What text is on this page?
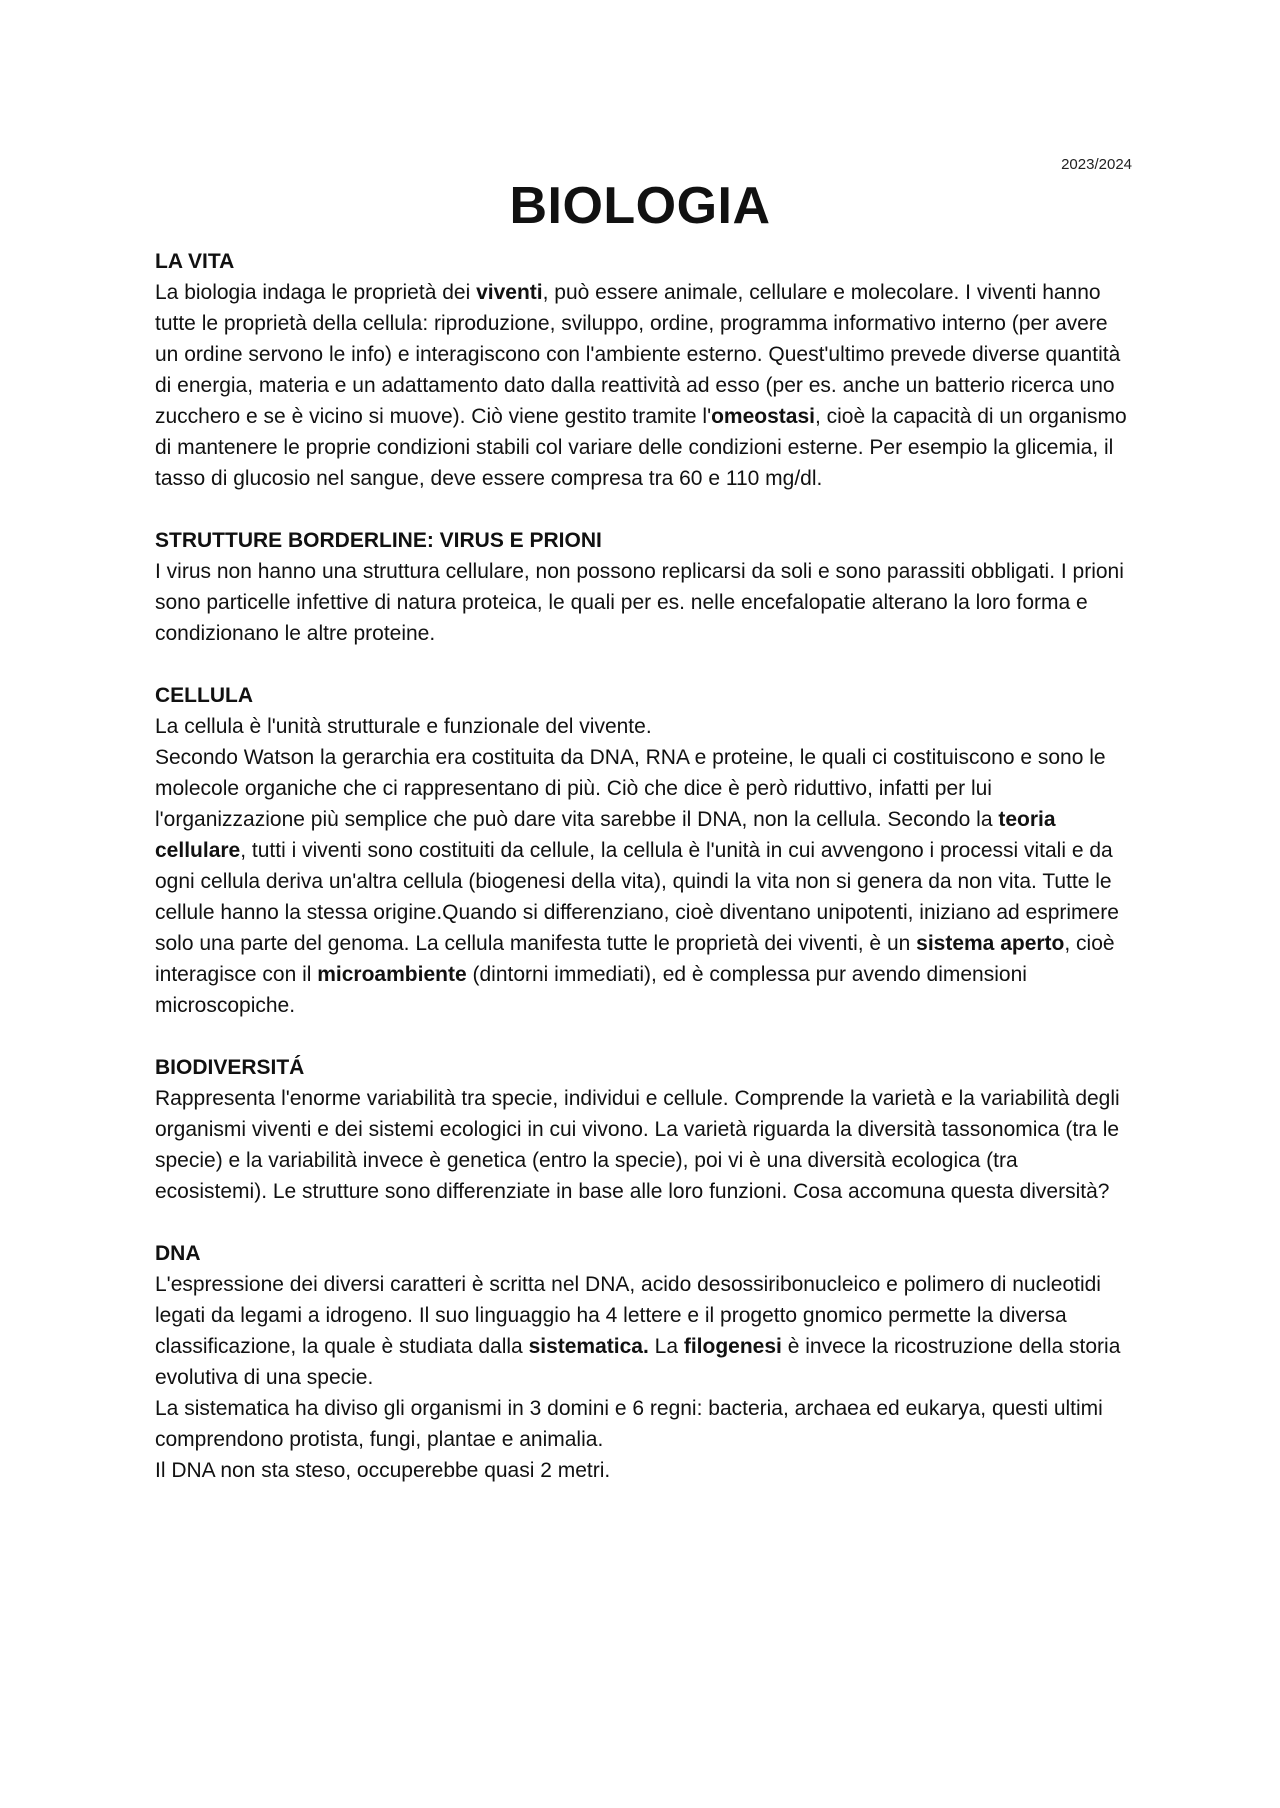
2023/2024
BIOLOGIA
LA VITA

La biologia indaga le proprietà dei viventi, può essere animale, cellulare e molecolare. I viventi hanno tutte le proprietà della cellula: riproduzione, sviluppo, ordine, programma informativo interno (per avere un ordine servono le info) e interagiscono con l'ambiente esterno. Quest'ultimo prevede diverse quantità di energia, materia e un adattamento dato dalla reattività ad esso (per es. anche un batterio ricerca uno zucchero e se è vicino si muove). Ciò viene gestito tramite l'omeostasi, cioè la capacità di un organismo di mantenere le proprie condizioni stabili col variare delle condizioni esterne. Per esempio la glicemia, il tasso di glucosio nel sangue, deve essere compresa tra 60 e 110 mg/dl.

STRUTTURE BORDERLINE: VIRUS E PRIONI

I virus non hanno una struttura cellulare, non possono replicarsi da soli e sono parassiti obbligati. I prioni sono particelle infettive di natura proteica, le quali per es. nelle encefalopatie alterano la loro forma e condizionano le altre proteine.

CELLULA

La cellula è l'unità strutturale e funzionale del vivente.

Secondo Watson la gerarchia era costituita da DNA, RNA e proteine, le quali ci costituiscono e sono le molecole organiche che ci rappresentano di più. Ciò che dice è però riduttivo, infatti per lui l'organizzazione più semplice che può dare vita sarebbe il DNA, non la cellula. Secondo la teoria cellulare, tutti i viventi sono costituiti da cellule, la cellula è l'unità in cui avvengono i processi vitali e da ogni cellula deriva un'altra cellula (biogenesi della vita), quindi la vita non si genera da non vita. Tutte le cellule hanno la stessa origine.Quando si differenziano, cioè diventano unipotenti, iniziano ad esprimere solo una parte del genoma. La cellula manifesta tutte le proprietà dei viventi, è un sistema aperto, cioè interagisce con il microambiente (dintorni immediati), ed è complessa pur avendo dimensioni microscopiche.

BIODIVERSITÁ

Rappresenta l'enorme variabilità tra specie, individui e cellule. Comprende la varietà e la variabilità degli organismi viventi e dei sistemi ecologici in cui vivono. La varietà riguarda la diversità tassonomica (tra le specie) e la variabilità invece è genetica (entro la specie), poi vi è una diversità ecologica (tra ecosistemi). Le strutture sono differenziate in base alle loro funzioni. Cosa accomuna questa diversità?

DNA

L'espressione dei diversi caratteri è scritta nel DNA, acido desossiribonucleico e polimero di nucleotidi legati da legami a idrogeno. Il suo linguaggio ha 4 lettere e il progetto gnomico permette la diversa classificazione, la quale è studiata dalla sistematica. La filogenesi è invece la ricostruzione della storia evolutiva di una specie.

La sistematica ha diviso gli organismi in 3 domini e 6 regni: bacteria, archaea ed eukarya, questi ultimi comprendono protista, fungi, plantae e animalia.

Il DNA non sta steso, occuperebbe quasi 2 metri.
